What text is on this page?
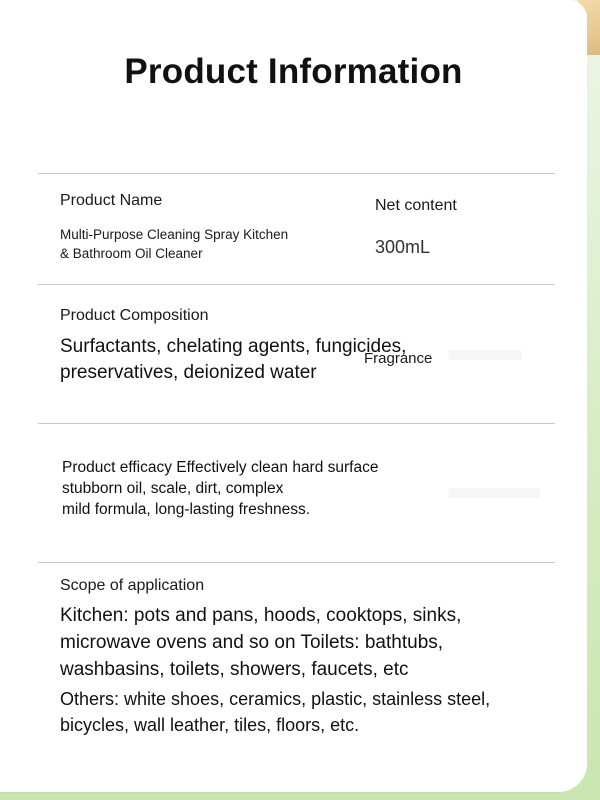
Product Information
Product Name
Multi-Purpose Cleaning Spray Kitchen
& Bathroom Oil Cleaner
Net content
300mL
Product Composition
Surfactants, chelating agents, fungicides,
preservatives, deionized water
Fragrance
Product efficacy Effectively clean hard surface
stubborn oil, scale, dirt, complex
mild formula, long-lasting freshness.
Scope of application
Kitchen: pots and pans, hoods, cooktops, sinks,
microwave ovens and so on Toilets: bathtubs,
washbasins, toilets, showers, faucets, etc
Others: white shoes, ceramics, plastic, stainless steel,
bicycles, wall leather, tiles, floors, etc.
